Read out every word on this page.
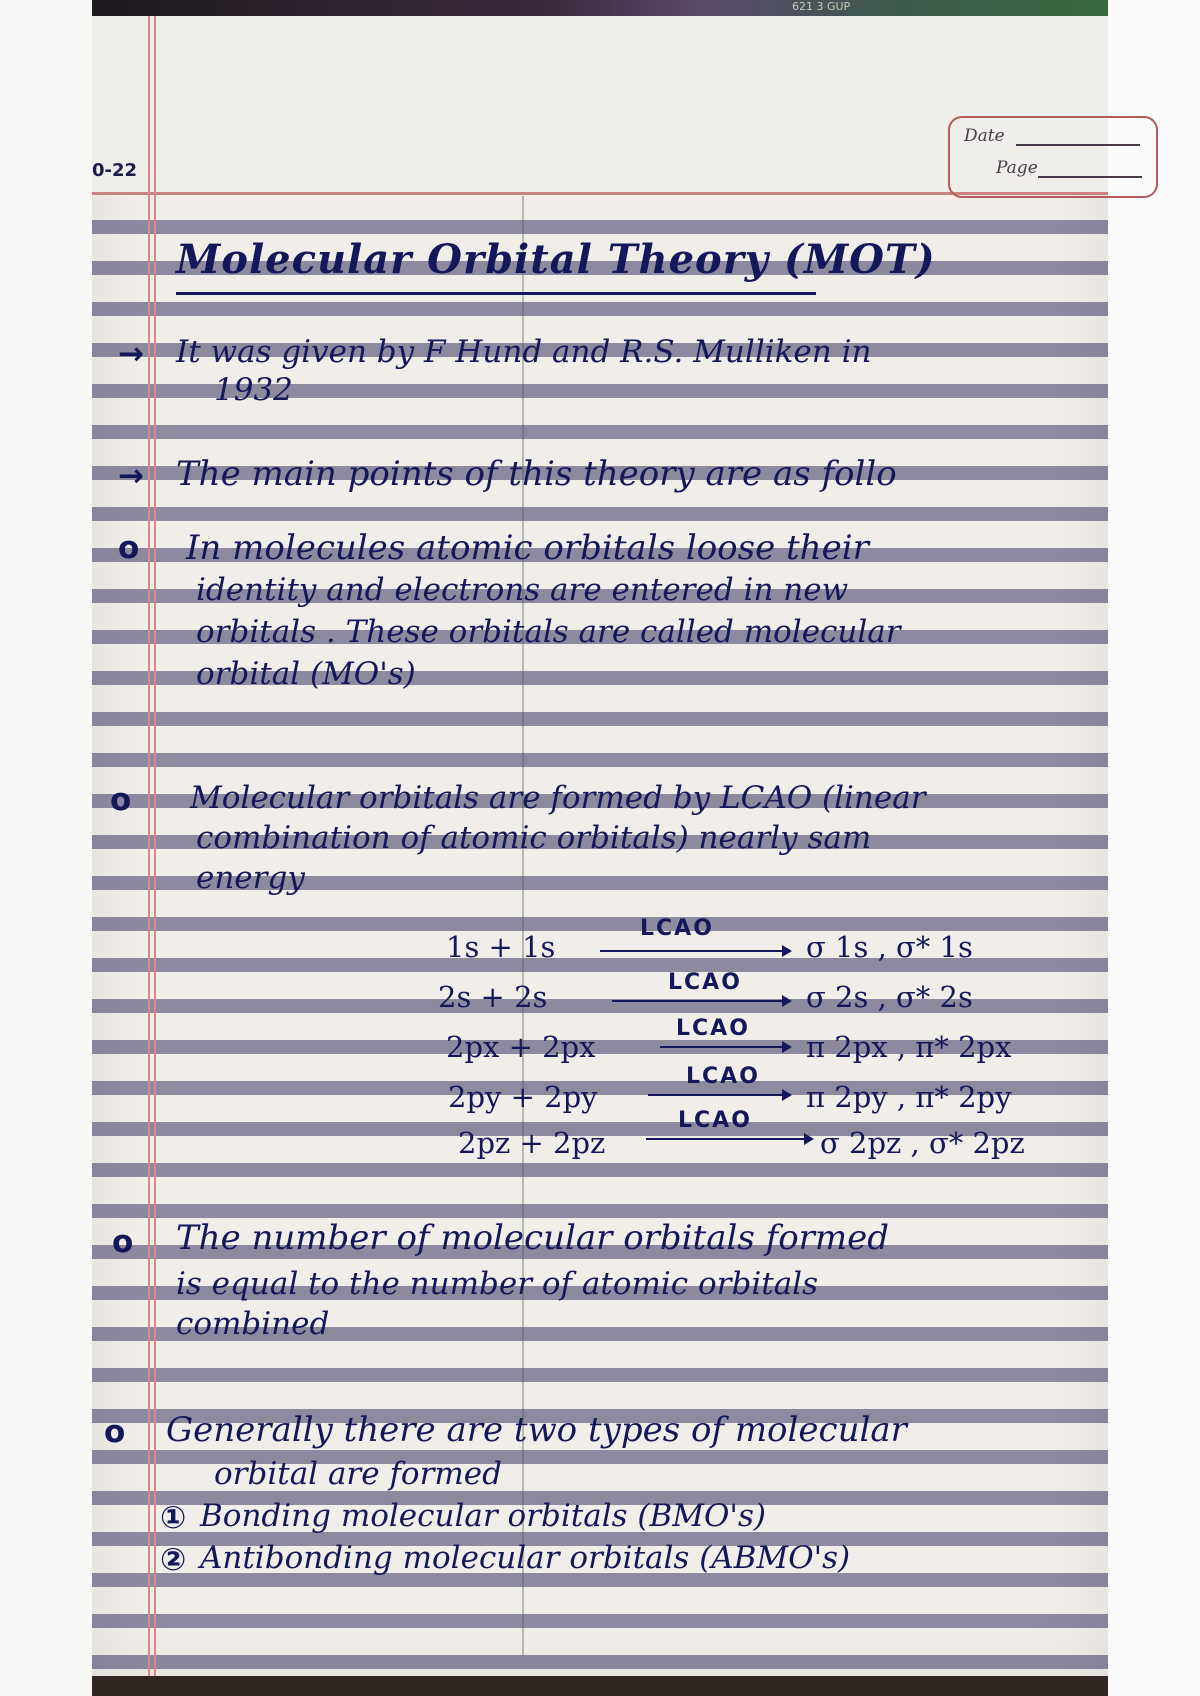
621 3 GUP
Date
Page
0-22
Molecular Orbital Theory (MOT)
→ It was given by F Hund and R.S. Mulliken in
1932
→ The main points of this theory are as follo
o In molecules atomic orbitals loose their
identity and electrons are entered in new
orbitals . These orbitals are called molecular
orbital (MO's)
o Molecular orbitals are formed by LCAO (linear
combination of atomic orbitals) nearly sam
energy
1s + 1s
LCAO
σ 1s , σ* 1s
2s + 2s	LCAO σ 2s , σ* 2s
2px + 2px
LCAO
π 2px , π* 2px
2py + 2py
LCAO
π 2py , π* 2py
2pz + 2pz
LCAO
σ 2pz , σ* 2pz
o The number of molecular orbitals formed
is equal to the number of atomic orbitals
combined
o Generally there are two types of molecular
orbital are formed
① Bonding molecular orbitals (BMO's)
② Antibonding molecular orbitals (ABMO's)
